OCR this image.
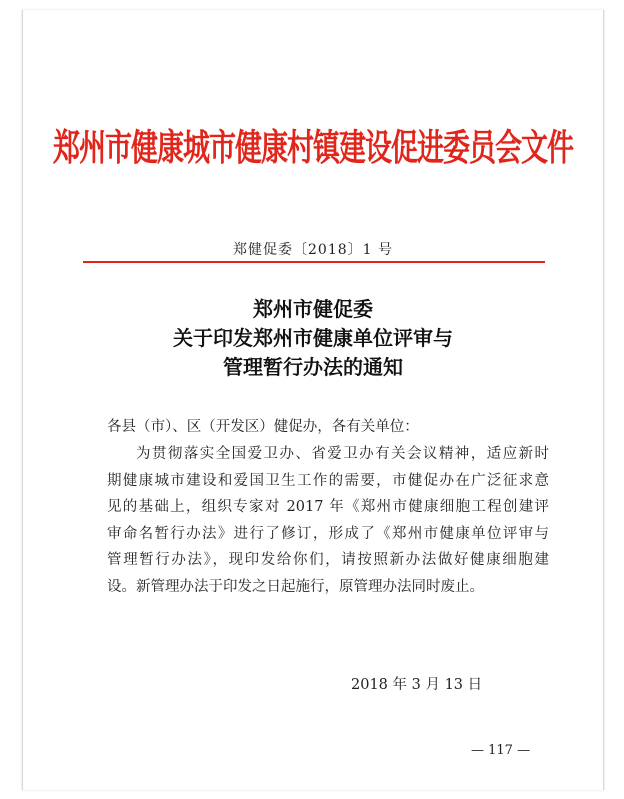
郑州市健康城市健康村镇建设促进委员会文件
郑健促委〔2018〕1 号
郑州市健促委
关于印发郑州市健康单位评审与
管理暂行办法的通知
各县（市）、区（开发区）健促办，各有关单位：
为贯彻落实全国爱卫办、省爱卫办有关会议精神，适应新时
期健康城市建设和爱国卫生工作的需要，市健促办在广泛征求意
见的基础上，组织专家对 2017 年《郑州市健康细胞工程创建评
审命名暂行办法》进行了修订，形成了《郑州市健康单位评审与
管理暂行办法》，现印发给你们，请按照新办法做好健康细胞建
设。新管理办法于印发之日起施行，原管理办法同时废止。
2018 年 3 月 13 日
— 117 —
